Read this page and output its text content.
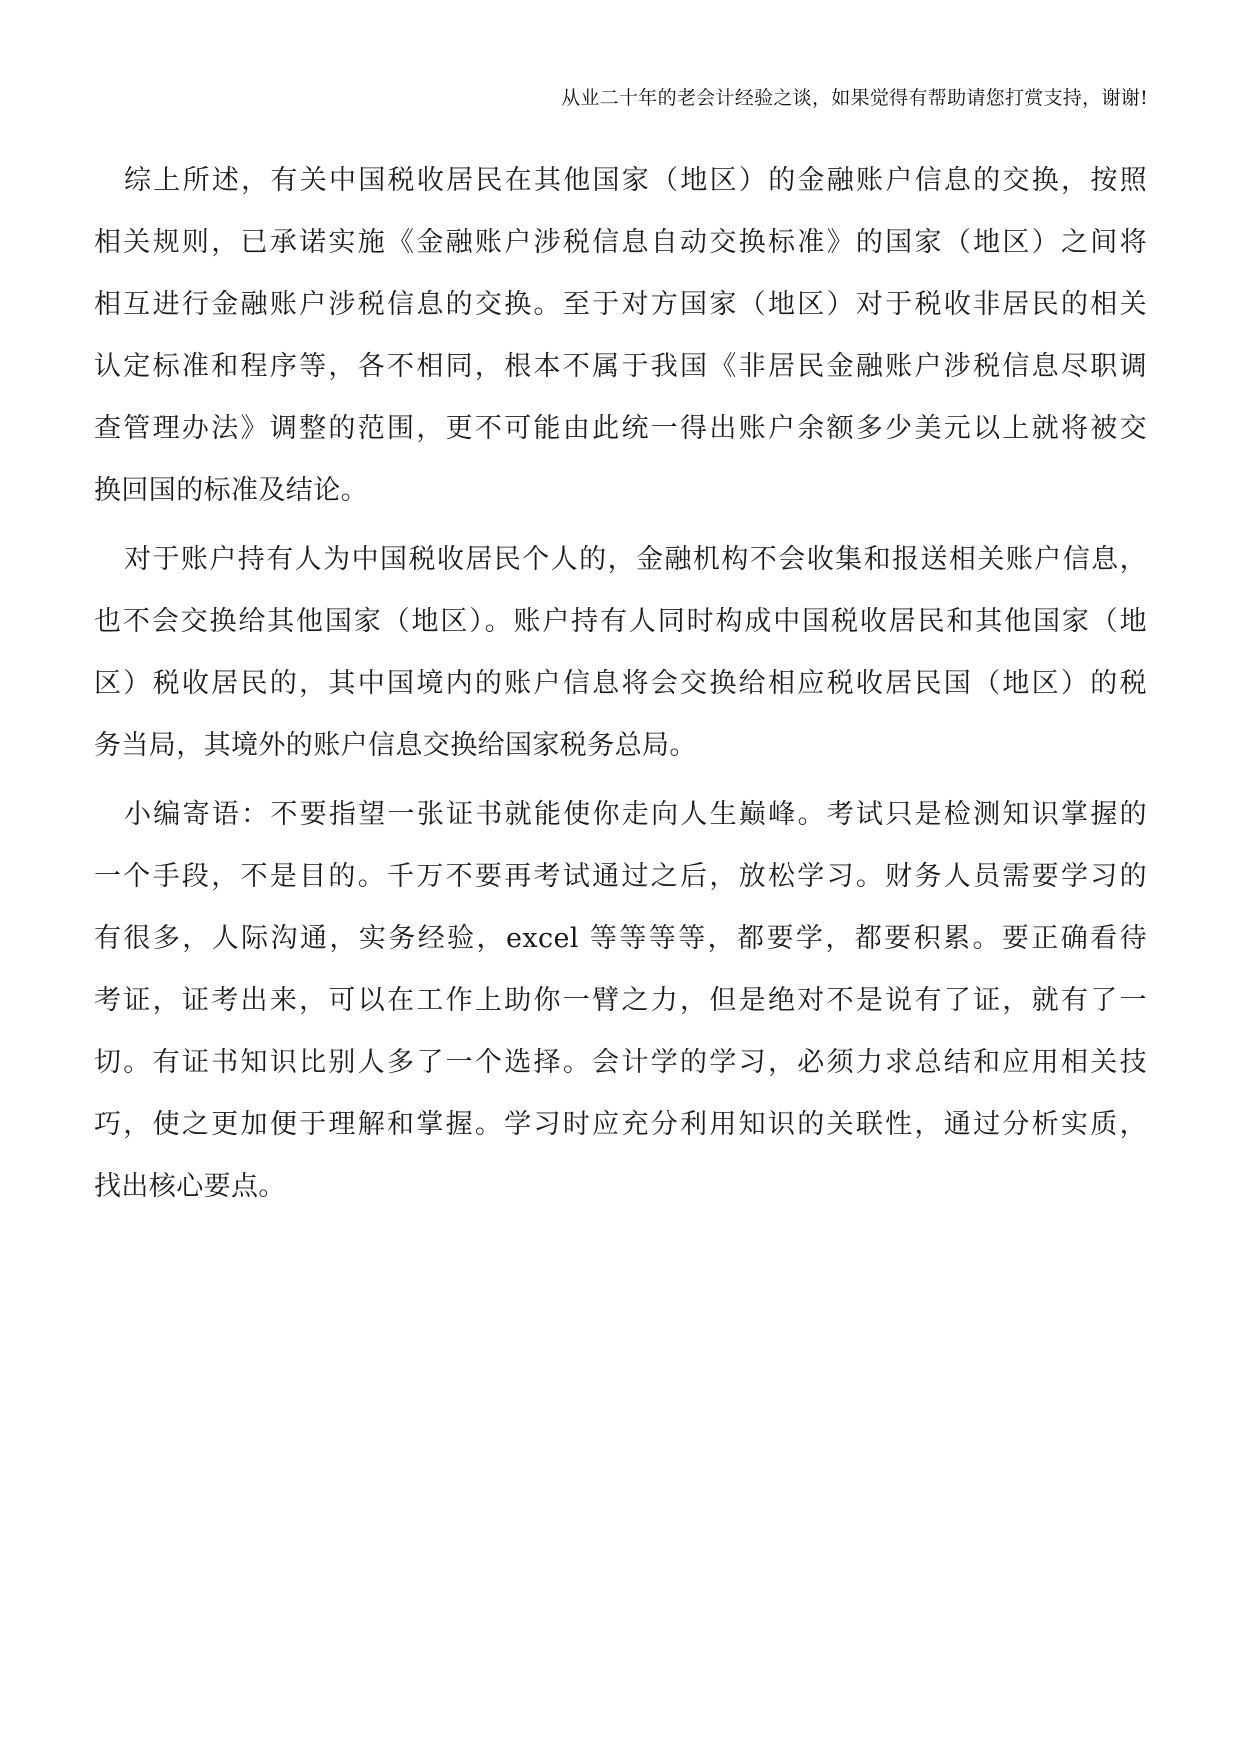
从业二十年的老会计经验之谈，如果觉得有帮助请您打赏支持，谢谢!
综上所述，有关中国税收居民在其他国家（地区）的金融账户信息的交换，按照
相关规则，已承诺实施《金融账户涉税信息自动交换标准》的国家（地区）之间将
相互进行金融账户涉税信息的交换。至于对方国家（地区）对于税收非居民的相关
认定标准和程序等，各不相同，根本不属于我国《非居民金融账户涉税信息尽职调
查管理办法》调整的范围，更不可能由此统一得出账户余额多少美元以上就将被交
换回国的标准及结论。
对于账户持有人为中国税收居民个人的，金融机构不会收集和报送相关账户信息，
也不会交换给其他国家（地区）。账户持有人同时构成中国税收居民和其他国家（地
区）税收居民的，其中国境内的账户信息将会交换给相应税收居民国（地区）的税
务当局，其境外的账户信息交换给国家税务总局。
小编寄语：不要指望一张证书就能使你走向人生巅峰。考试只是检测知识掌握的
一个手段，不是目的。千万不要再考试通过之后，放松学习。财务人员需要学习的
有很多，人际沟通，实务经验，excel 等等等等，都要学，都要积累。要正确看待
考证，证考出来，可以在工作上助你一臂之力，但是绝对不是说有了证，就有了一
切。有证书知识比别人多了一个选择。会计学的学习，必须力求总结和应用相关技
巧，使之更加便于理解和掌握。学习时应充分利用知识的关联性，通过分析实质，
找出核心要点。
